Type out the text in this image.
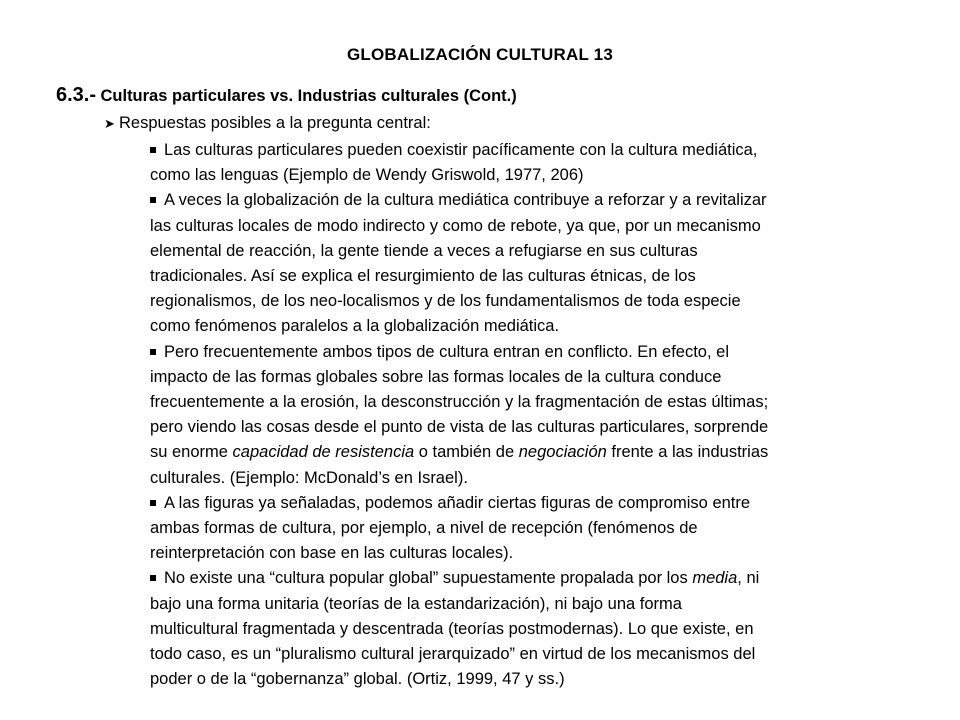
GLOBALIZACIÓN CULTURAL 13
6.3.- Culturas particulares vs. Industrias culturales (Cont.)
➤ Respuestas posibles a la pregunta central:
Las culturas particulares pueden coexistir pacíficamente con la cultura mediática,
como las lenguas (Ejemplo de Wendy Griswold, 1977, 206)
A veces la globalización de la cultura mediática contribuye a reforzar y a revitalizar
las culturas locales de modo indirecto y como de rebote, ya que, por un mecanismo
elemental de reacción, la gente tiende a veces a refugiarse en sus culturas
tradicionales. Así se explica el resurgimiento de las culturas étnicas, de los
regionalismos, de los neo-localismos y de los fundamentalismos de toda especie
como fenómenos paralelos a la globalización mediática.
Pero frecuentemente ambos tipos de cultura entran en conflicto. En efecto, el
impacto de las formas globales sobre las formas locales de la cultura conduce
frecuentemente a la erosión, la desconstrucción y la fragmentación de estas últimas;
pero viendo las cosas desde el punto de vista de las culturas particulares, sorprende
su enorme capacidad de resistencia o también de negociación frente a las industrias
culturales. (Ejemplo: McDonald’s en Israel).
A las figuras ya señaladas, podemos añadir ciertas figuras de compromiso entre
ambas formas de cultura, por ejemplo, a nivel de recepción (fenómenos de
reinterpretación con base en las culturas locales).
No existe una “cultura popular global” supuestamente propalada por los media, ni
bajo una forma unitaria (teorías de la estandarización), ni bajo una forma
multicultural fragmentada y descentrada (teorías postmodernas). Lo que existe, en
todo caso, es un “pluralismo cultural jerarquizado” en virtud de los mecanismos del
poder o de la “gobernanza” global. (Ortiz, 1999, 47 y ss.)
